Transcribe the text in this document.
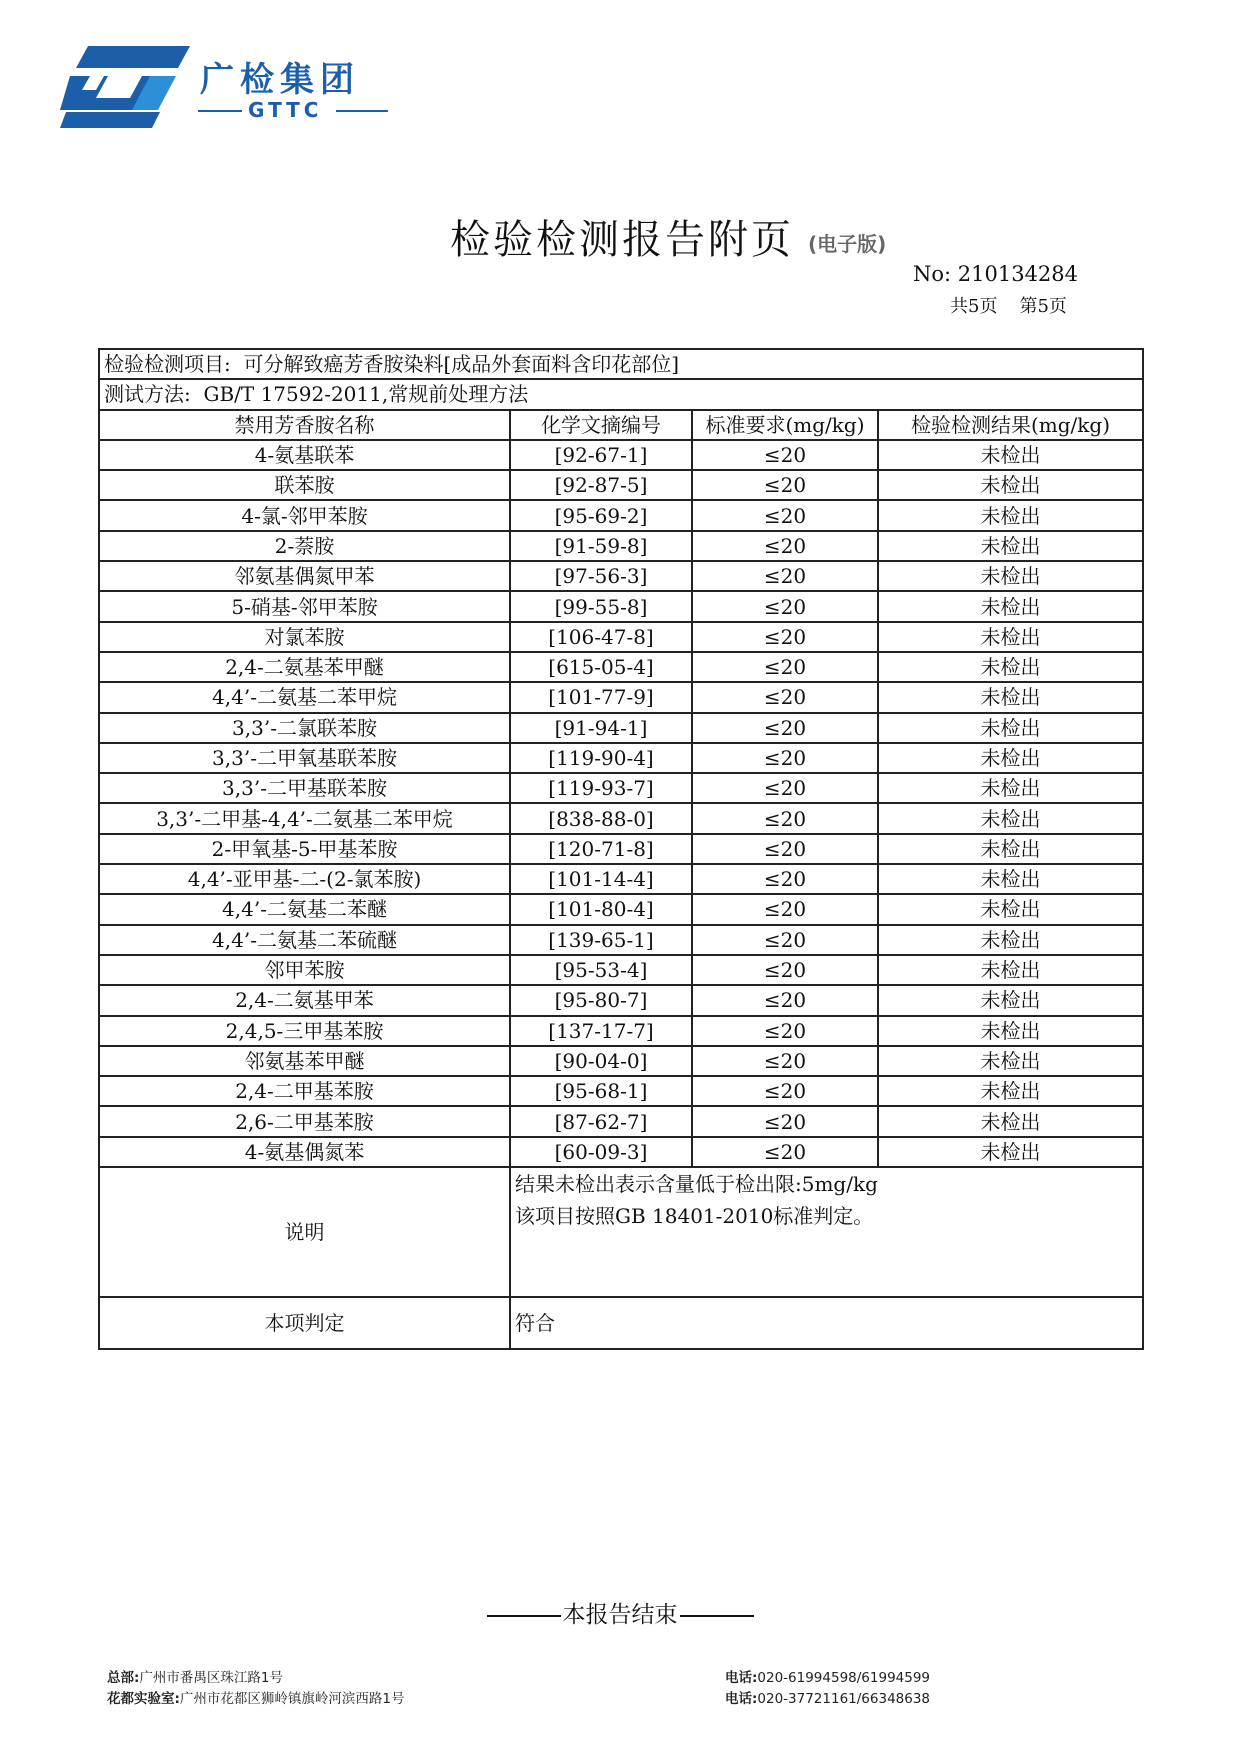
广检集团
GTTC
检验检测报告附页 (电子版)
No: 210134284
共5页 第5页
检验检测项目: 可分解致癌芳香胺染料[成品外套面料含印花部位]			
测试方法: GB/T 17592-2011,常规前处理方法			
禁用芳香胺名称	化学文摘编号	标准要求(mg/kg)	检验检测结果(mg/kg)
4-氨基联苯	[92-67-1]	≤20	未检出
联苯胺	[92-87-5]	≤20	未检出
4-氯-邻甲苯胺	[95-69-2]	≤20	未检出
2-萘胺	[91-59-8]	≤20	未检出
邻氨基偶氮甲苯	[97-56-3]	≤20	未检出
5-硝基-邻甲苯胺	[99-55-8]	≤20	未检出
对氯苯胺	[106-47-8]	≤20	未检出
2,4-二氨基苯甲醚	[615-05-4]	≤20	未检出
4,4’-二氨基二苯甲烷	[101-77-9]	≤20	未检出
3,3’-二氯联苯胺	[91-94-1]	≤20	未检出
3,3’-二甲氧基联苯胺	[119-90-4]	≤20	未检出
3,3’-二甲基联苯胺	[119-93-7]	≤20	未检出
3,3’-二甲基-4,4’-二氨基二苯甲烷	[838-88-0]	≤20	未检出
2-甲氧基-5-甲基苯胺	[120-71-8]	≤20	未检出
4,4’-亚甲基-二-(2-氯苯胺)	[101-14-4]	≤20	未检出
4,4’-二氨基二苯醚	[101-80-4]	≤20	未检出
4,4’-二氨基二苯硫醚	[139-65-1]	≤20	未检出
邻甲苯胺	[95-53-4]	≤20	未检出
2,4-二氨基甲苯	[95-80-7]	≤20	未检出
2,4,5-三甲基苯胺	[137-17-7]	≤20	未检出
邻氨基苯甲醚	[90-04-0]	≤20	未检出
2,4-二甲基苯胺	[95-68-1]	≤20	未检出
2,6-二甲基苯胺	[87-62-7]	≤20	未检出
4-氨基偶氮苯	[60-09-3]	≤20	未检出
说明	结果未检出表示含量低于检出限:5mg/kg
该项目按照GB 18401-2010标准判定。		

本项判定	符合		
本报告结束
总部:广州市番禺区珠江路1号
花都实验室:广州市花都区狮岭镇旗岭河滨西路1号
电话:020-61994598/61994599
电话:020-37721161/66348638
